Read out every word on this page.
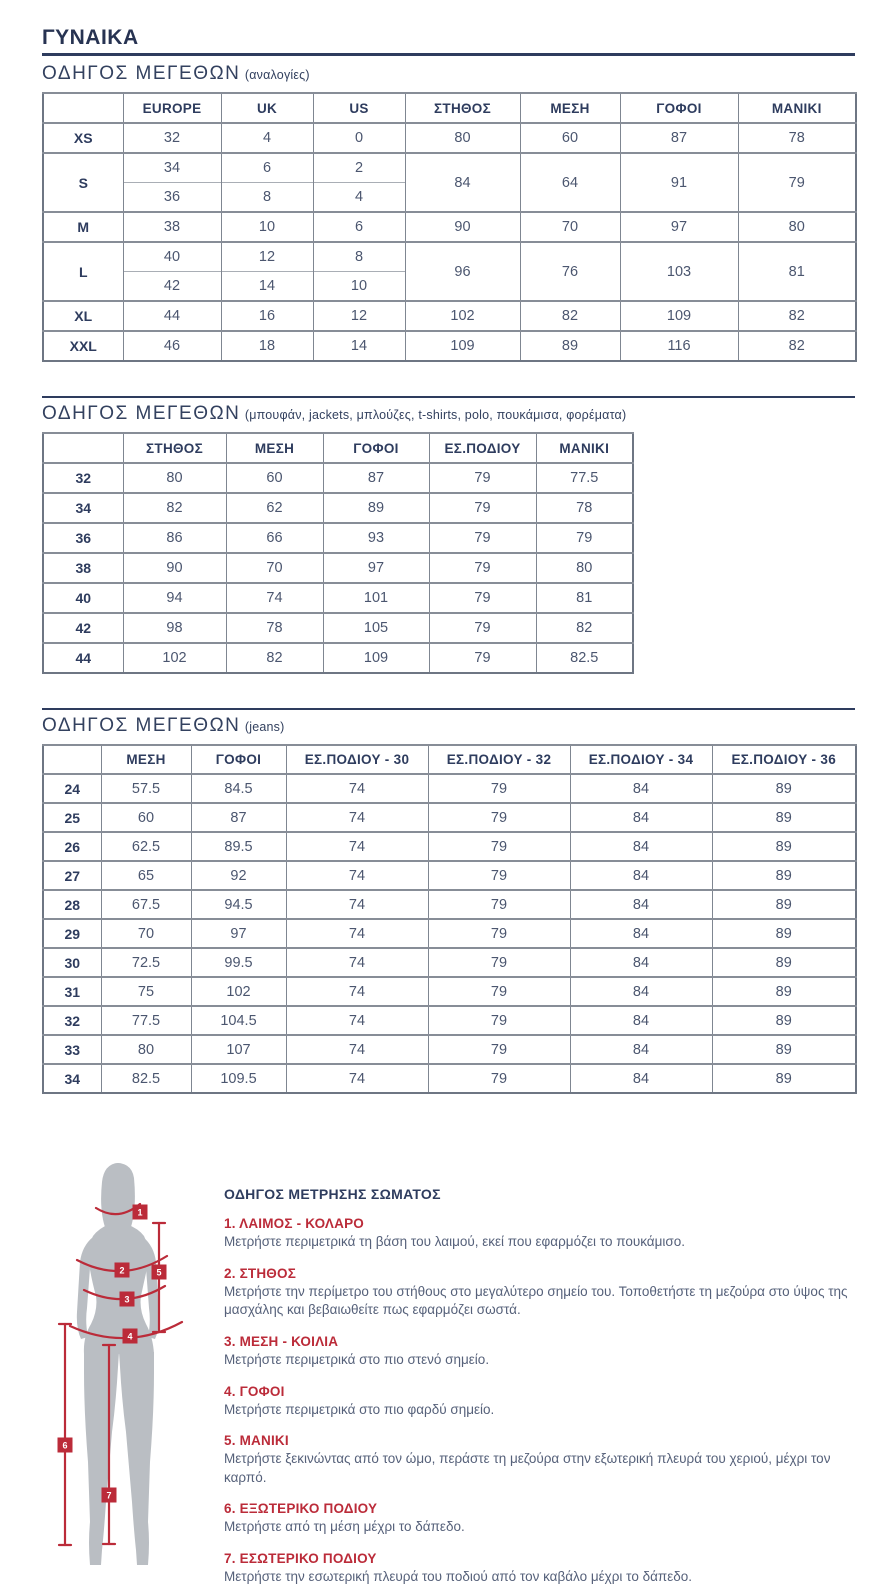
ΓΥΝΑΙΚΑ
ΟΔΗΓΟΣ ΜΕΓΕΘΩΝ (αναλογίες)
	EUROPE	UK	US	ΣΤΗΘΟΣ	ΜΕΣΗ	ΓΟΦΟΙ	ΜΑΝΙΚΙ
XS	32	4	0	80	60	87	78
S	34	6	2	84	64	91	79
	36	8	4				
M	38	10	6	90	70	97	80
L	40	12	8	96	76	103	81
	42	14	10				
XL	44	16	12	102	82	109	82
XXL	46	18	14	109	89	116	82
ΟΔΗΓΟΣ ΜΕΓΕΘΩΝ (μπουφάν, jackets, μπλούζες, t-shirts, polo, πουκάμισα, φορέματα)
	ΣΤΗΘΟΣ	ΜΕΣΗ	ΓΟΦΟΙ	ΕΣ.ΠΟΔΙΟΥ	ΜΑΝΙΚΙ
32	80	60	87	79	77.5
34	82	62	89	79	78
36	86	66	93	79	79
38	90	70	97	79	80
40	94	74	101	79	81
42	98	78	105	79	82
44	102	82	109	79	82.5
ΟΔΗΓΟΣ ΜΕΓΕΘΩΝ (jeans)
	ΜΕΣΗ	ΓΟΦΟΙ	ΕΣ.ΠΟΔΙΟΥ - 30	ΕΣ.ΠΟΔΙΟΥ - 32	ΕΣ.ΠΟΔΙΟΥ - 34	ΕΣ.ΠΟΔΙΟΥ - 36
24	57.5	84.5	74	79	84	89
25	60	87	74	79	84	89
26	62.5	89.5	74	79	84	89
27	65	92	74	79	84	89
28	67.5	94.5	74	79	84	89
29	70	97	74	79	84	89
30	72.5	99.5	74	79	84	89
31	75	102	74	79	84	89
32	77.5	104.5	74	79	84	89
33	80	107	74	79	84	89
34	82.5	109.5	74	79	84	89
1
2
3
4
5
6
7
ΟΔΗΓΟΣ ΜΕΤΡΗΣΗΣ ΣΩΜΑΤΟΣ
1. ΛΑΙΜΟΣ - ΚΟΛΑΡΟ
Μετρήστε περιμετρικά τη βάση του λαιμού, εκεί που εφαρμόζει το πουκάμισο.
2. ΣΤΗΘΟΣ
Μετρήστε την περίμετρο του στήθους στο μεγαλύτερο σημείο του. Τοποθετήστε τη μεζούρα στο ύψος της μασχάλης και βεβαιωθείτε πως εφαρμόζει σωστά.
3. ΜΕΣΗ - ΚΟΙΛΙΑ
Μετρήστε περιμετρικά στο πιο στενό σημείο.
4. ΓΟΦΟΙ
Μετρήστε περιμετρικά στο πιο φαρδύ σημείο.
5. ΜΑΝΙΚΙ
Μετρήστε ξεκινώντας από τον ώμο, περάστε τη μεζούρα στην εξωτερική πλευρά του χεριού, μέχρι τον καρπό.
6. ΕΞΩΤΕΡΙΚΟ ΠΟΔΙΟΥ
Μετρήστε από τη μέση μέχρι το δάπεδο.
7. ΕΣΩΤΕΡΙΚΟ ΠΟΔΙΟΥ
Μετρήστε την εσωτερική πλευρά του ποδιού από τον καβάλο μέχρι το δάπεδο.
